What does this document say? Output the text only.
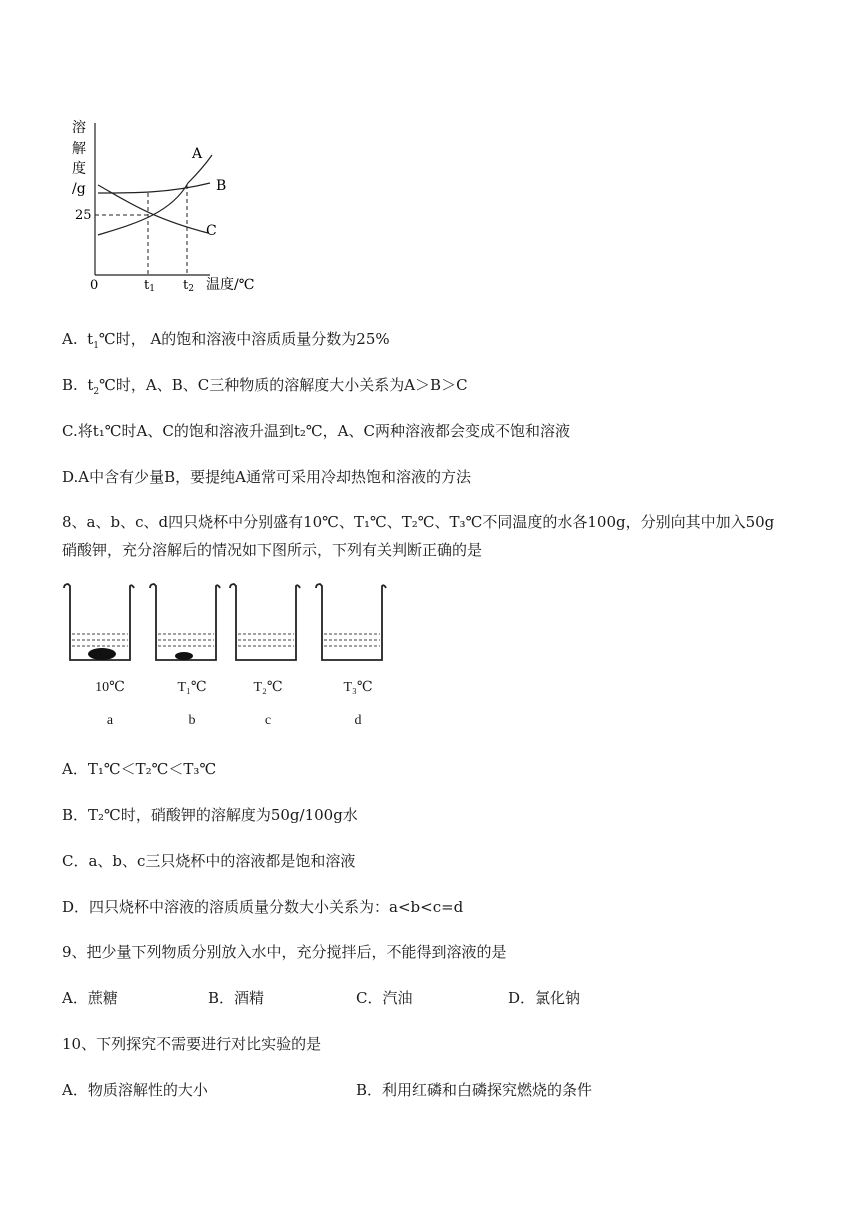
溶
解
度
/g
25
0	t1 t2 温度/℃
A
B
C
A. $t_1℃$时， A的饱和溶液中溶质质量分数为25%
B. $t_2℃$时，A、B、C三种物质的溶解度大小关系为A＞B＞C
C.将t₁℃时A、C的饱和溶液升温到t₂℃，A、C两种溶液都会变成不饱和溶液
D.A中含有少量B，要提纯A通常可采用冷却热饱和溶液的方法
8、a、b、c、d四只烧杯中分别盛有10℃、T₁℃、T₂℃、T₃℃不同温度的水各100g，分别向其中加入50g
硝酸钾，充分溶解后的情况如下图所示，下列有关判断正确的是
10℃	T₁℃	T₂℃	T₃℃
a	b	c	d
A．T₁℃＜T₂℃＜T₃℃
B．T₂℃时，硝酸钾的溶解度为50g/100g水
C．a、b、c三只烧杯中的溶液都是饱和溶液
D．四只烧杯中溶液的溶质质量分数大小关系为：a<b<c=d
9、把少量下列物质分别放入水中，充分搅拌后，不能得到溶液的是
A．蔗糖	B．酒精	C．汽油	D．氯化钠
10、下列探究不需要进行对比实验的是
A．物质溶解性的大小	B．利用红磷和白磷探究燃烧的条件
